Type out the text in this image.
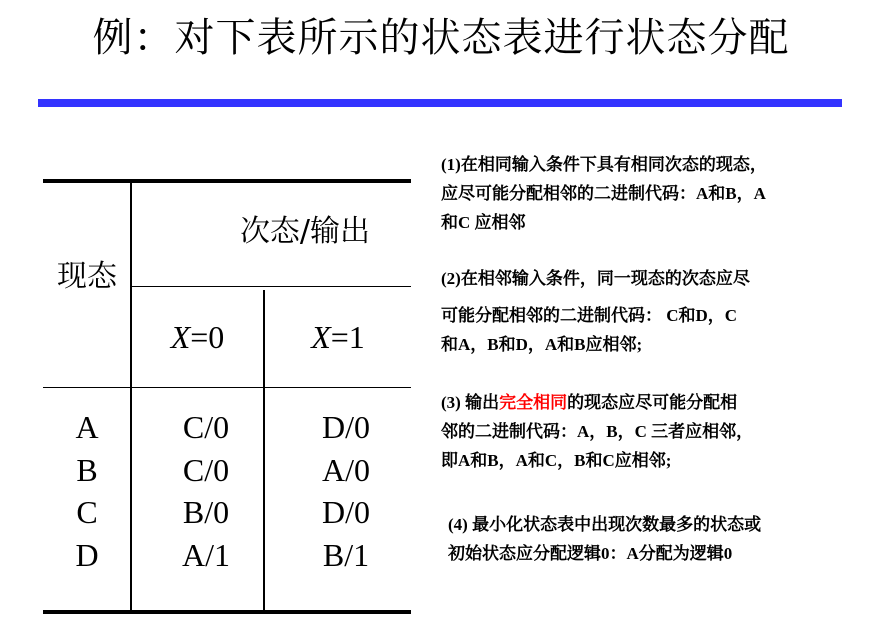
例：对下表所示的状态表进行状态分配
现态
次态/输出
X=0	X=1
A
B
C
D
C/0
C/0
B/0
A/1
D/0
A/0
D/0
B/1
(1)在相同输入条件下具有相同次态的现态，
应尽可能分配相邻的二进制代码：A和B，A
和C 应相邻
(2)在相邻输入条件，同一现态的次态应尽
可能分配相邻的二进制代码： C和D，C
和A，B和D，A和B应相邻;
(3) 输出完全相同的现态应尽可能分配相
邻的二进制代码：A，B，C 三者应相邻，
即A和B，A和C，B和C应相邻;
(4) 最小化状态表中出现次数最多的状态或
初始状态应分配逻辑0：A分配为逻辑0
